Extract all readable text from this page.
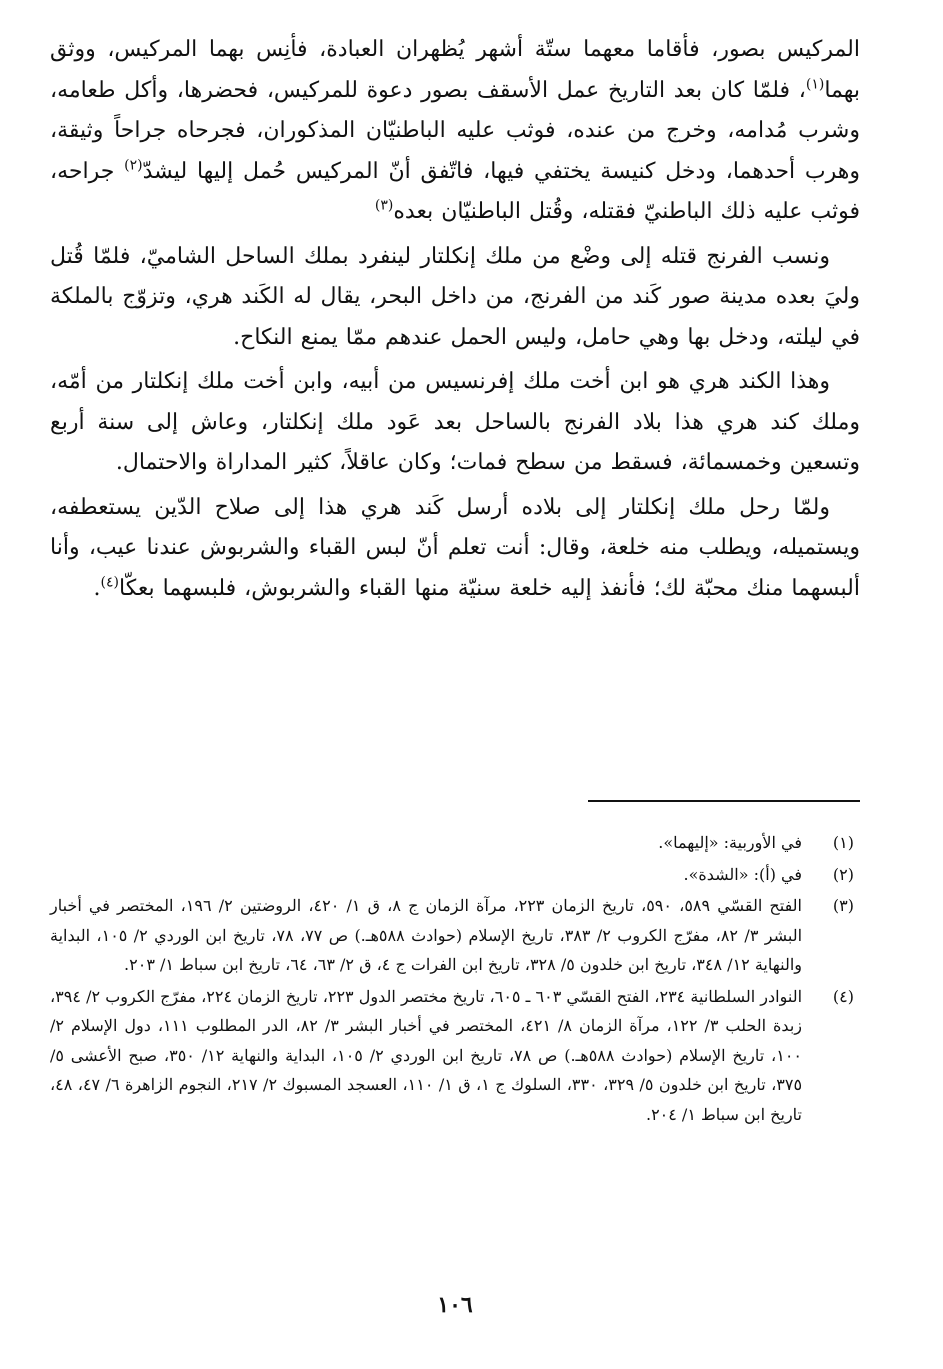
المركيس بصور، فأقاما معهما ستّة أشهر يُظهران العبادة، فأنِس بهما المركيس، ووثق بهما$^{(١)}$، فلمّا كان بعد التاريخ عمل الأسقف بصور دعوة للمركيس، فحضرها، وأكل طعامه، وشرب مُدامه، وخرج من عنده، فوثب عليه الباطنيّان المذكوران، فجرحاه جراحاً وثيقة، وهرب أحدهما، ودخل كنيسة يختفي فيها، فاتّفق أنّ المركيس حُمل إليها ليشدّ$^{(٢)}$ جراحه، فوثب عليه ذلك الباطنيّ فقتله، وقُتل الباطنيّان بعده$^{(٣)}$

ونسب الفرنج قتله إلى وضْع من ملك إنكلتار لينفرد بملك الساحل الشاميّ، فلمّا قُتل وليَ بعده مدينة صور كَند من الفرنج، من داخل البحر، يقال له الكَند هري، وتزوّج بالملكة في ليلته، ودخل بها وهي حامل، وليس الحمل عندهم ممّا يمنع النكاح.

وهذا الكند هري هو ابن أخت ملك إفرنسيس من أبيه، وابن أخت ملك إنكلتار من أمّه، وملك كند هري هذا بلاد الفرنج بالساحل بعد عَود ملك إنكلتار، وعاش إلى سنة أربع وتسعين وخمسمائة، فسقط من سطح فمات؛ وكان عاقلاً، كثير المداراة والاحتمال.

ولمّا رحل ملك إنكلتار إلى بلاده أرسل كَند هري هذا إلى صلاح الدّين يستعطفه، ويستميله، ويطلب منه خلعة، وقال: أنت تعلم أنّ لبس القباء والشربوش عندنا عيب، وأنا ألبسهما منك محبّة لك؛ فأنفذ إليه خلعة سنيّة منها القباء والشربوش، فلبسهما بعكّا$^{(٤)}$.

(١)
في الأوربية: «إليهما».
(٢)
في (أ): «الشدة».
(٣)
الفتح القسّي ٥٨٩، ٥٩٠، تاريخ الزمان ٢٢٣، مرآة الزمان ج ٨، ق ١/ ٤٢٠، الروضتين ٢/ ١٩٦، المختصر في أخبار البشر ٣/ ٨٢، مفرّج الكروب ٢/ ٣٨٣، تاريخ الإسلام (حوادث ٥٨٨هـ.) ص ٧٧، ٧٨، تاريخ ابن الوردي ٢/ ١٠٥، البداية والنهاية ١٢/ ٣٤٨، تاريخ ابن خلدون ٥/ ٣٢٨، تاريخ ابن الفرات ج ٤، ق ٢/ ٦٣، ٦٤، تاريخ ابن سباط ١/ ٢٠٣.
(٤)
النوادر السلطانية ٢٣٤، الفتح القسّي ٦٠٣ ـ ٦٠٥، تاريخ مختصر الدول ٢٢٣، تاريخ الزمان ٢٢٤، مفرّج الكروب ٢/ ٣٩٤، زبدة الحلب ٣/ ١٢٢، مرآة الزمان ٨/ ٤٢١، المختصر في أخبار البشر ٣/ ٨٢، الدر المطلوب ١١١، دول الإسلام ٢/ ١٠٠، تاريخ الإسلام (حوادث ٥٨٨هـ.) ص ٧٨، تاريخ ابن الوردي ٢/ ١٠٥، البداية والنهاية ١٢/ ٣٥٠، صبح الأعشى ٥/ ٣٧٥، تاريخ ابن خلدون ٥/ ٣٢٩، ٣٣٠، السلوك ج ١، ق ١/ ١١٠، العسجد المسبوك ٢/ ٢١٧، النجوم الزاهرة ٦/ ٤٧، ٤٨، تاريخ ابن سباط ١/ ٢٠٤.
١٠٦
